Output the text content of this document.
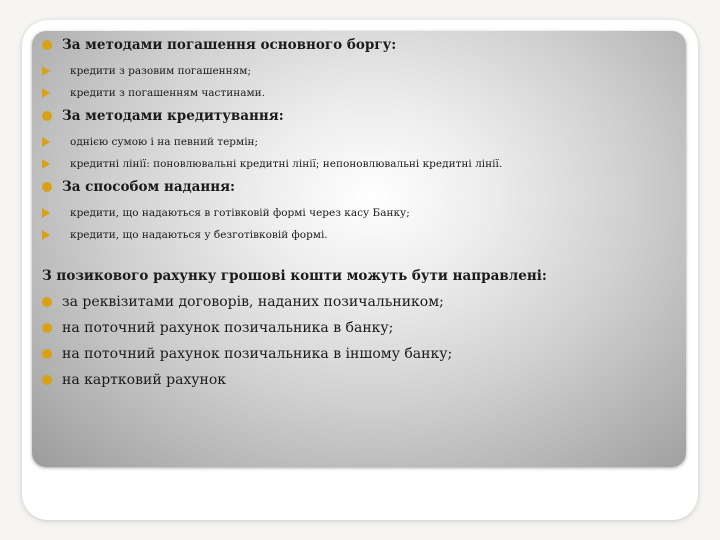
За методами погашення основного боргу:
кредити з разовим погашенням;
кредити з погашенням частинами.
За методами кредитування:
однією сумою і на певний термін;
кредитні лінії: поновлювальні кредитні лінії; непоновлювальні кредитні лінії.
За способом надання:
кредити, що надаються в готівковій формі через касу Банку;
кредити, що надаються у безготівковій формі.
З позикового рахунку грошові кошти можуть бути направлені:
за реквізитами договорів, наданих позичальником;
на поточний рахунок позичальника в банку;
на поточний рахунок позичальника в іншому банку;
на картковий рахунок
